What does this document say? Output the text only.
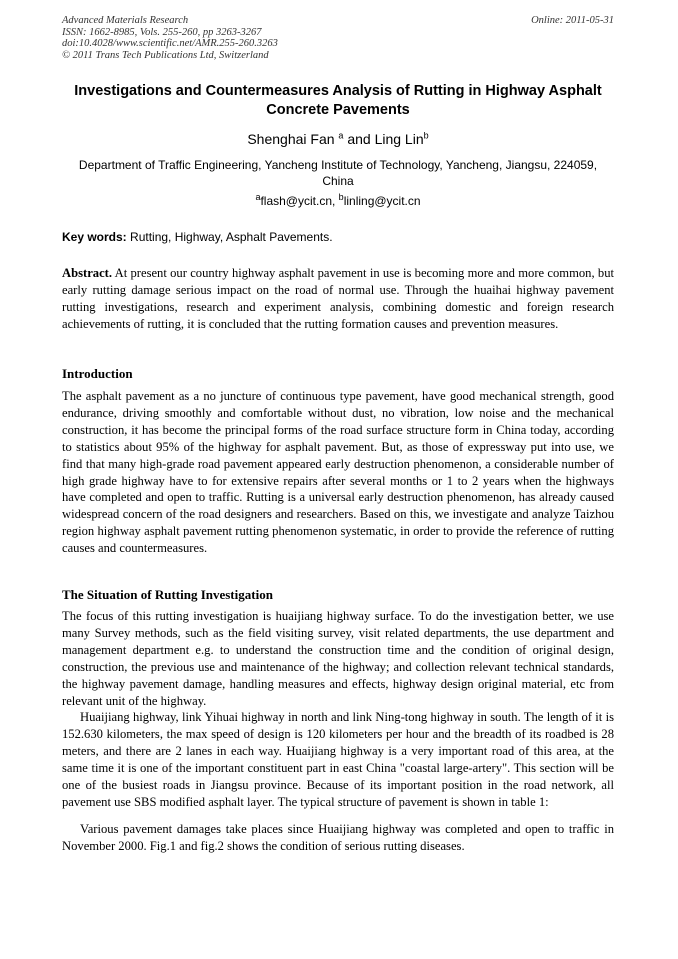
Advanced Materials Research
ISSN: 1662-8985, Vols. 255-260, pp 3263-3267
doi:10.4028/www.scientific.net/AMR.255-260.3263
© 2011 Trans Tech Publications Ltd, Switzerland
Online: 2011-05-31
Investigations and Countermeasures Analysis of Rutting in Highway Asphalt Concrete Pavements
Shenghai Fan $^a$ and Ling Lin$^b$
Department of Traffic Engineering, Yancheng Institute of Technology, Yancheng, Jiangsu, 224059, China
$^a$flash@ycit.cn, $^b$linling@ycit.cn
Key words: Rutting, Highway, Asphalt Pavements.

Abstract. At present our country highway asphalt pavement in use is becoming more and more common, but early rutting damage serious impact on the road of normal use. Through the huaihai highway pavement rutting investigations, research and experiment analysis, combining domestic and foreign research achievements of rutting, it is concluded that the rutting formation causes and prevention measures.

Introduction

The asphalt pavement as a no juncture of continuous type pavement, have good mechanical strength, good endurance, driving smoothly and comfortable without dust, no vibration, low noise and the mechanical construction, it has become the principal forms of the road surface structure form in China today, according to statistics about 95% of the highway for asphalt pavement. But, as those of expressway put into use, we find that many high-grade road pavement appeared early destruction phenomenon, a considerable number of high grade highway have to for extensive repairs after several months or 1 to 2 years when the highways have completed and open to traffic. Rutting is a universal early destruction phenomenon, has already caused widespread concern of the road designers and researchers. Based on this, we investigate and analyze Taizhou region highway asphalt pavement rutting phenomenon systematic, in order to provide the reference of rutting causes and countermeasures.

The Situation of Rutting Investigation

The focus of this rutting investigation is huaijiang highway surface. To do the investigation better, we use many Survey methods, such as the field visiting survey, visit related departments, the use department and management department e.g. to understand the construction time and the condition of original design, construction, the previous use and maintenance of the highway; and collection relevant technical standards, the highway pavement damage, handling measures and effects, highway design original material, etc from relevant unit of the highway.

Huaijiang highway, link Yihuai highway in north and link Ning-tong highway in south. The length of it is 152.630 kilometers, the max speed of design is 120 kilometers per hour and the breadth of its roadbed is 28 meters, and there are 2 lanes in each way. Huaijiang highway is a very important road of this area, at the same time it is one of the important constituent part in east China "coastal large-artery". This section will be one of the busiest roads in Jiangsu province. Because of its important position in the road network, all pavement use SBS modified asphalt layer. The typical structure of pavement is shown in table 1:

Various pavement damages take places since Huaijiang highway was completed and open to traffic in November 2000. Fig.1 and fig.2 shows the condition of serious rutting diseases.
